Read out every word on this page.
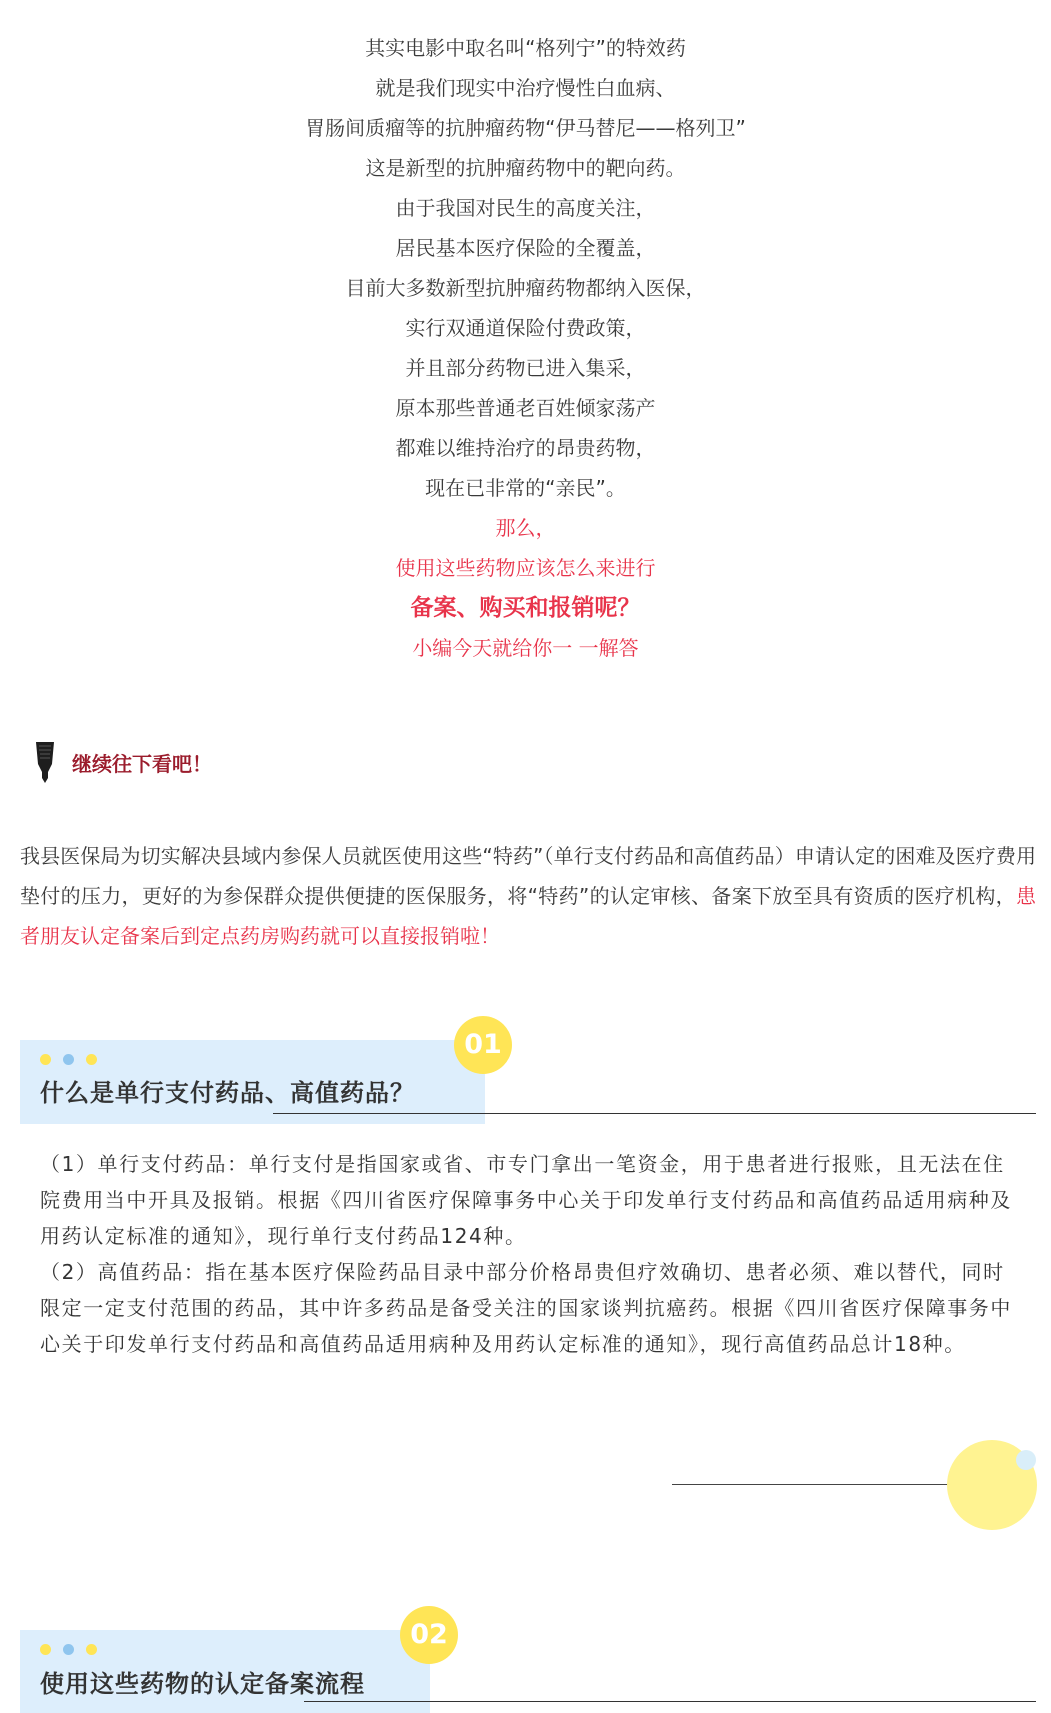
其实电影中取名叫“格列宁”的特效药
就是我们现实中治疗慢性白血病、
胃肠间质瘤等的抗肿瘤药物“伊马替尼——格列卫”
这是新型的抗肿瘤药物中的靶向药。
由于我国对民生的高度关注，
居民基本医疗保险的全覆盖，
目前大多数新型抗肿瘤药物都纳入医保，
实行双通道保险付费政策，
并且部分药物已进入集采，
原本那些普通老百姓倾家荡产
都难以维持治疗的昂贵药物，
现在已非常的“亲民”。
那么，
使用这些药物应该怎么来进行
备案、购买和报销呢？
小编今天就给你一 一解答
继续往下看吧！
我县医保局为切实解决县域内参保人员就医使用这些“特药”（单行支付药品和高值药品）申请认定的困难及医疗费用垫付的压力，更好的为参保群众提供便捷的医保服务，将“特药”的认定审核、备案下放至具有资质的医疗机构，患者朋友认定备案后到定点药房购药就可以直接报销啦！
什么是单行支付药品、高值药品？
01

（1）单行支付药品：单行支付是指国家或省、市专门拿出一笔资金，用于患者进行报账，且无法在住院费用当中开具及报销。根据《四川省医疗保障事务中心关于印发单行支付药品和高值药品适用病种及用药认定标准的通知》，现行单行支付药品124种。

（2）高值药品：指在基本医疗保险药品目录中部分价格昂贵但疗效确切、患者必须、难以替代，同时限定一定支付范围的药品，其中许多药品是备受关注的国家谈判抗癌药。根据《四川省医疗保障事务中心关于印发单行支付药品和高值药品适用病种及用药认定标准的通知》，现行高值药品总计18种。

使用这些药物的认定备案流程
02
